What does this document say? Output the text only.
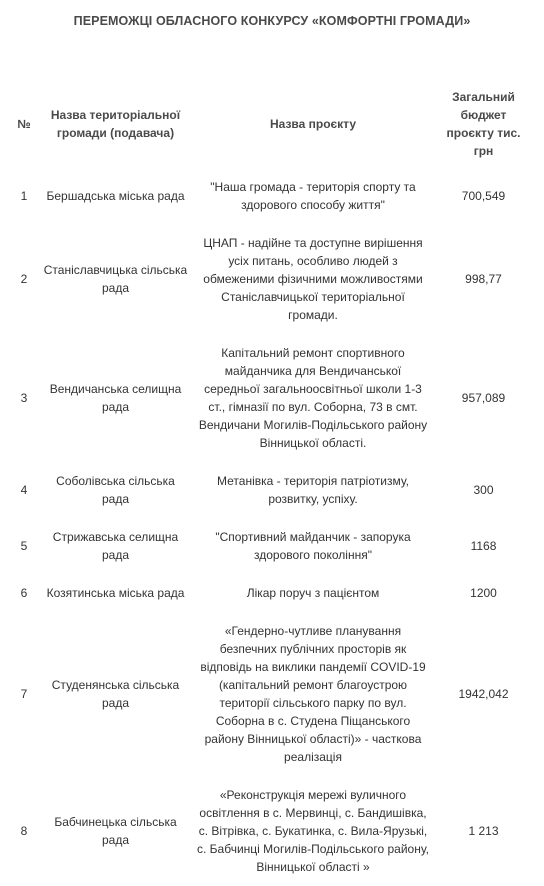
ПЕРЕМОЖЦІ ОБЛАСНОГО КОНКУРСУ «КОМФОРТНІ ГРОМАДИ»
№	Назва територіальної громади (подавача)	Назва проєкту	Загальний бюджет проєкту тис. грн
1	Бершадська міська рада	"Наша громада - територія спорту та здорового способу життя"	700,549
2	Станіславчицька сільська рада	ЦНАП - надійне та доступне вирішення усіх питань, особливо людей з обмеженими фізичними можливостями Станіславчицької територіальної громади.	998,77
3	Вендичанська селищна рада	Капітальний ремонт спортивного майданчика для Вендичанської середньої загальноосвітньої школи 1-3 ст., гімназії по вул. Соборна, 73 в смт. Вендичани Могилів-Подільського району Вінницької області.	957,089
4	Соболівська сільська рада	Метанівка - територія патріотизму, розвитку, успіху.	300
5	Стрижавська селищна рада	"Спортивний майданчик - запорука здорового покоління"	1168
6	Козятинська міська рада	Лікар поруч з пацієнтом	1200
7	Студенянська сільська рада	«Гендерно-чутливе планування безпечних публічних просторів як відповідь на виклики пандемії COVID-19 (капітальний ремонт благоустрою території сільського парку по вул. Соборна в с. Студена Піщанського району Вінницької області)» - часткова реалізація	1942,042
8	Бабчинецька сільська рада	«Реконструкція мережі вуличного освітлення в с. Мервинці, с. Бандишівка, с. Вітрівка, с. Букатинка, с. Вила-Ярузькі, с. Бабчинці Могилів-Подільського району, Вінницької області »	1 213
